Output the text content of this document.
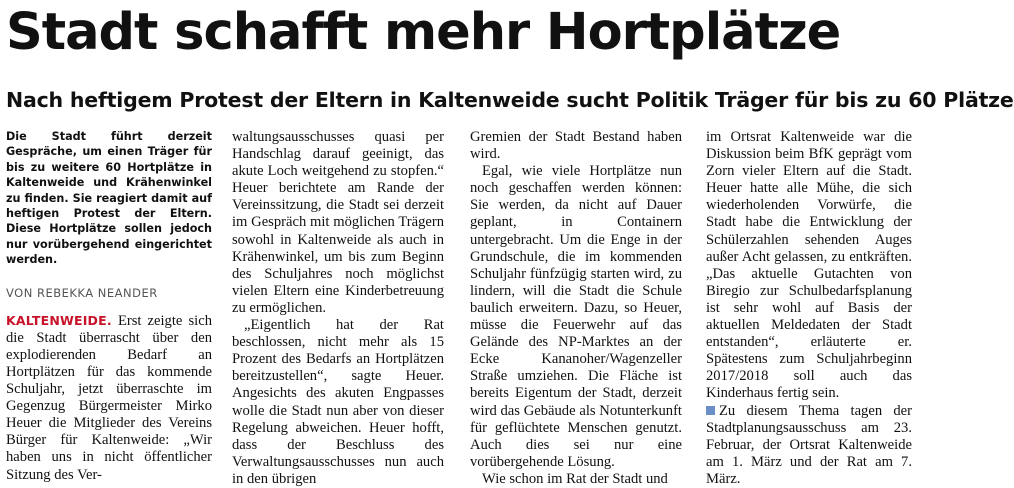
Stadt schafft mehr Hortplätze
Nach heftigem Protest der Eltern in Kaltenweide sucht Politik Träger für bis zu 60 Plätze

Die Stadt führt derzeit Gespräche, um einen Träger für bis zu weitere 60 Hortplätze in Kaltenweide und Krähenwinkel zu finden. Sie reagiert damit auf heftigen Protest der Eltern. Diese Hortplätze sollen jedoch nur vorübergehend eingerichtet werden.

VON REBEKKA NEANDER

KALTENWEIDE. Erst zeigte sich die Stadt überrascht über den explodierenden Bedarf an Hortplätzen für das kommende Schuljahr, jetzt überraschte im Gegenzug Bürgermeister Mirko Heuer die Mitglieder des Vereins Bürger für Kaltenweide: „Wir haben uns in nicht öffentlicher Sitzung des Ver-

waltungsausschusses quasi per Handschlag darauf geeinigt, das akute Loch weitgehend zu stopfen.“ Heuer berichtete am Rande der Vereinssitzung, die Stadt sei derzeit im Gespräch mit möglichen Trägern sowohl in Kaltenweide als auch in Krähenwinkel, um bis zum Beginn des Schuljahres noch möglichst vielen Eltern eine Kinderbetreuung zu ermöglichen.

„Eigentlich hat der Rat beschlossen, nicht mehr als 15 Prozent des Bedarfs an Hortplätzen bereitzustellen“, sagte Heuer. Angesichts des akuten Engpasses wolle die Stadt nun aber von dieser Regelung abweichen. Heuer hofft, dass der Beschluss des Verwaltungsausschusses nun auch in den übrigen

Gremien der Stadt Bestand haben wird.

Egal, wie viele Hortplätze nun noch geschaffen werden können: Sie werden, da nicht auf Dauer geplant, in Containern untergebracht. Um die Enge in der Grundschule, die im kommenden Schuljahr fünfzügig starten wird, zu lindern, will die Stadt die Schule baulich erweitern. Dazu, so Heuer, müsse die Feuerwehr auf das Gelände des NP-Marktes an der Ecke Kananoher/Wagenzeller Straße umziehen. Die Fläche ist bereits Eigentum der Stadt, derzeit wird das Gebäude als Notunterkunft für geflüchtete Menschen genutzt. Auch dies sei nur eine vorübergehende Lösung.

Wie schon im Rat der Stadt und

im Ortsrat Kaltenweide war die Diskussion beim BfK geprägt vom Zorn vieler Eltern auf die Stadt. Heuer hatte alle Mühe, die sich wiederholenden Vorwürfe, die Stadt habe die Entwicklung der Schülerzahlen sehenden Auges außer Acht gelassen, zu entkräften. „Das aktuelle Gutachten von Biregio zur Schulbedarfsplanung ist sehr wohl auf Basis der aktuellen Meldedaten der Stadt entstanden“, erläuterte er. Spätestens zum Schuljahrbeginn 2017/2018 soll auch das Kinderhaus fertig sein.

Zu diesem Thema tagen der Stadtplanungsausschuss am 23. Februar, der Ortsrat Kaltenweide am 1. März und der Rat am 7. März.
